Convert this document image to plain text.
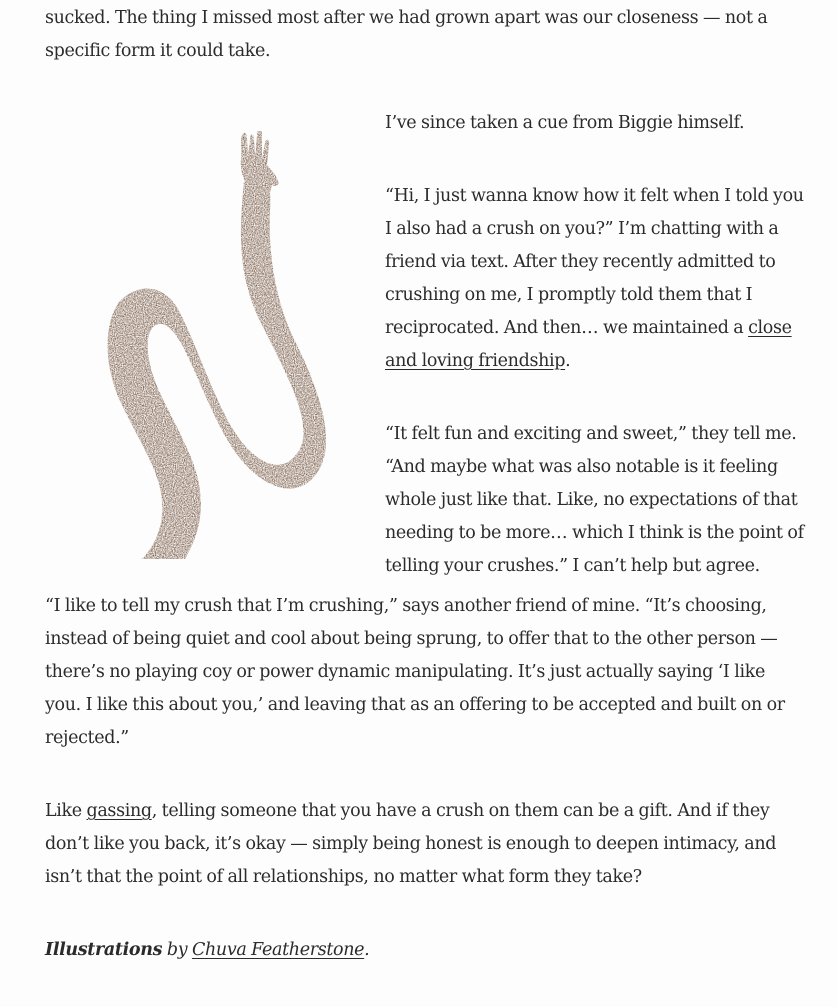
sucked. The thing I missed most after we had grown apart was our closeness — not a specific form it could take.

I’ve since taken a cue from Biggie himself.

“Hi, I just wanna know how it felt when I told you I also had a crush on you?” I’m chatting with a friend via text. After they recently admitted to crushing on me, I promptly told them that I reciprocated. And then… we maintained a close and loving friendship.

“It felt fun and exciting and sweet,” they tell me. “And maybe what was also notable is it feeling whole just like that. Like, no expectations of that needing to be more… which I think is the point of telling your crushes.” I can’t help but agree.

“I like to tell my crush that I’m crushing,” says another friend of mine. “It’s choosing, instead of being quiet and cool about being sprung, to offer that to the other person — there’s no playing coy or power dynamic manipulating. It’s just actually saying ‘I like you. I like this about you,’ and leaving that as an offering to be accepted and built on or rejected.”

Like gassing, telling someone that you have a crush on them can be a gift. And if they don’t like you back, it’s okay — simply being honest is enough to deepen intimacy, and isn’t that the point of all relationships, no matter what form they take?

Illustrations by Chuva Featherstone.
